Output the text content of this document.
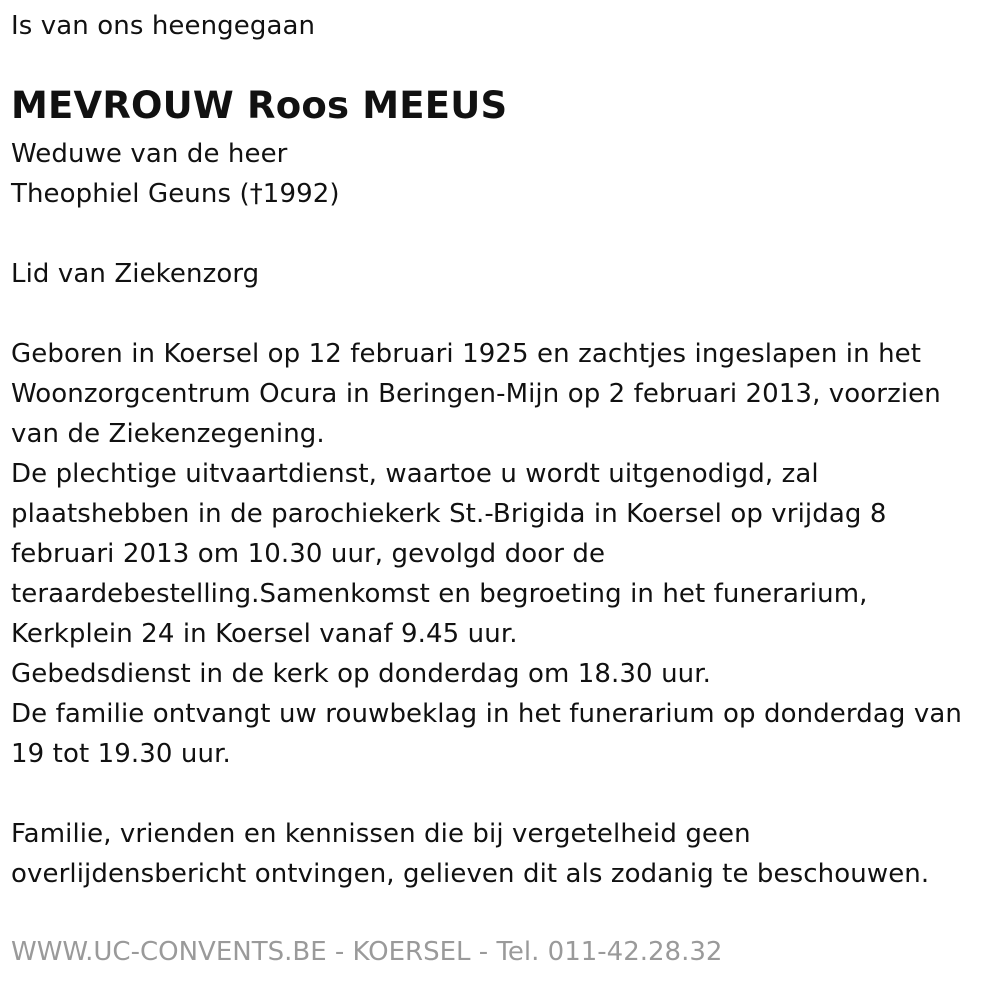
Is van ons heengegaan
MEVROUW Roos MEEUS
Weduwe van de heer
Theophiel Geuns (†1992)
Lid van Ziekenzorg
Geboren in Koersel op 12 februari 1925 en zachtjes ingeslapen in het
Woonzorgcentrum Ocura in Beringen-Mijn op 2 februari 2013, voorzien
van de Ziekenzegening.
De plechtige uitvaartdienst, waartoe u wordt uitgenodigd, zal
plaatshebben in de parochiekerk St.-Brigida in Koersel op vrijdag 8
februari 2013 om 10.30 uur, gevolgd door de
teraardebestelling.Samenkomst en begroeting in het funerarium,
Kerkplein 24 in Koersel vanaf 9.45 uur.
Gebedsdienst in de kerk op donderdag om 18.30 uur.
De familie ontvangt uw rouwbeklag in het funerarium op donderdag van
19 tot 19.30 uur.
Familie, vrienden en kennissen die bij vergetelheid geen
overlijdensbericht ontvingen, gelieven dit als zodanig te beschouwen.
WWW.UC-CONVENTS.BE - KOERSEL - Tel. 011-42.28.32
